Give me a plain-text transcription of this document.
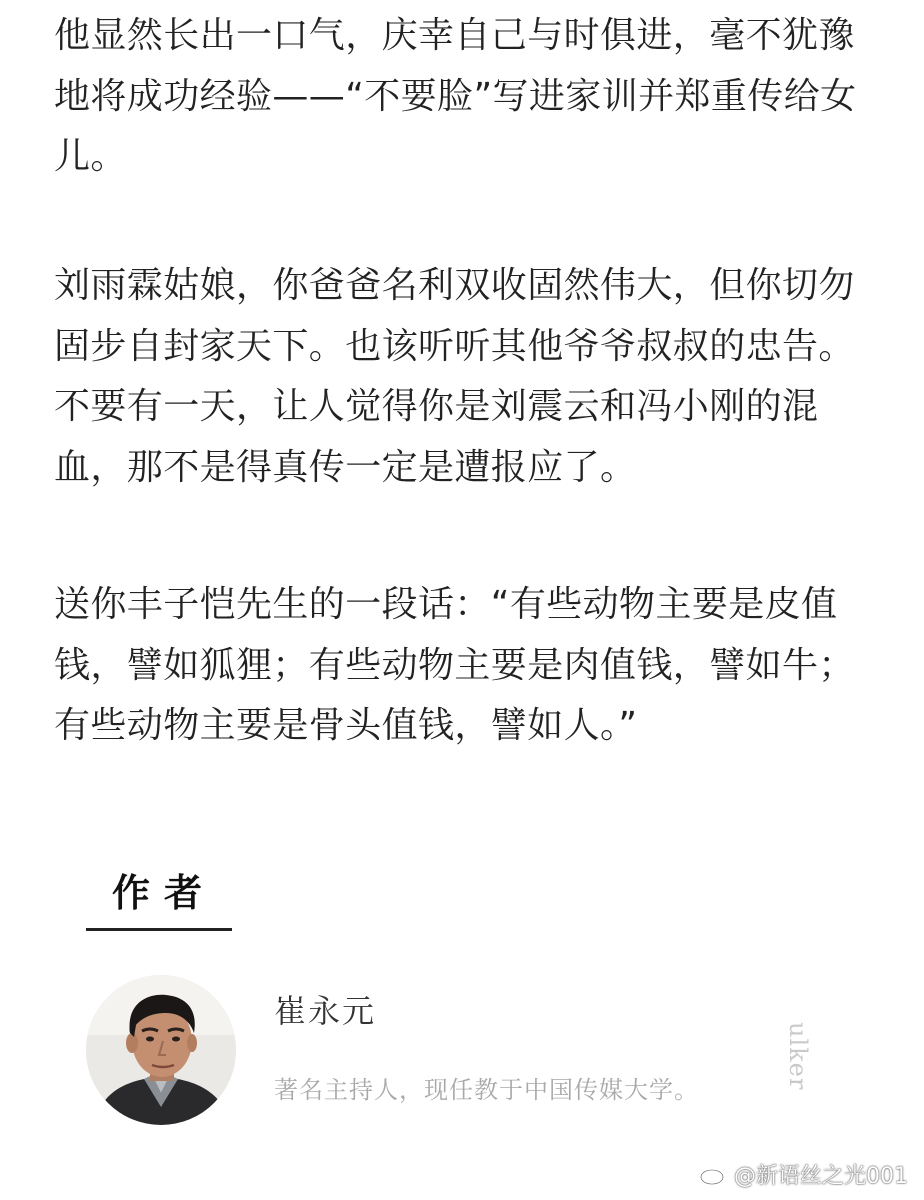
他显然长出一口气，庆幸自己与时俱进，毫不犹豫
地将成功经验——“不要脸”写进家训并郑重传给女
儿。

刘雨霖姑娘，你爸爸名利双收固然伟大，但你切勿
固步自封家天下。也该听听其他爷爷叔叔的忠告。
不要有一天，让人觉得你是刘震云和冯小刚的混
血，那不是得真传一定是遭报应了。

送你丰子恺先生的一段话：“有些动物主要是皮值
钱，譬如狐狸；有些动物主要是肉值钱，譬如牛；
有些动物主要是骨头值钱，譬如人。”

作者
崔永元
著名主持人，现任教于中国传媒大学。	ulker
@新语丝之光001
